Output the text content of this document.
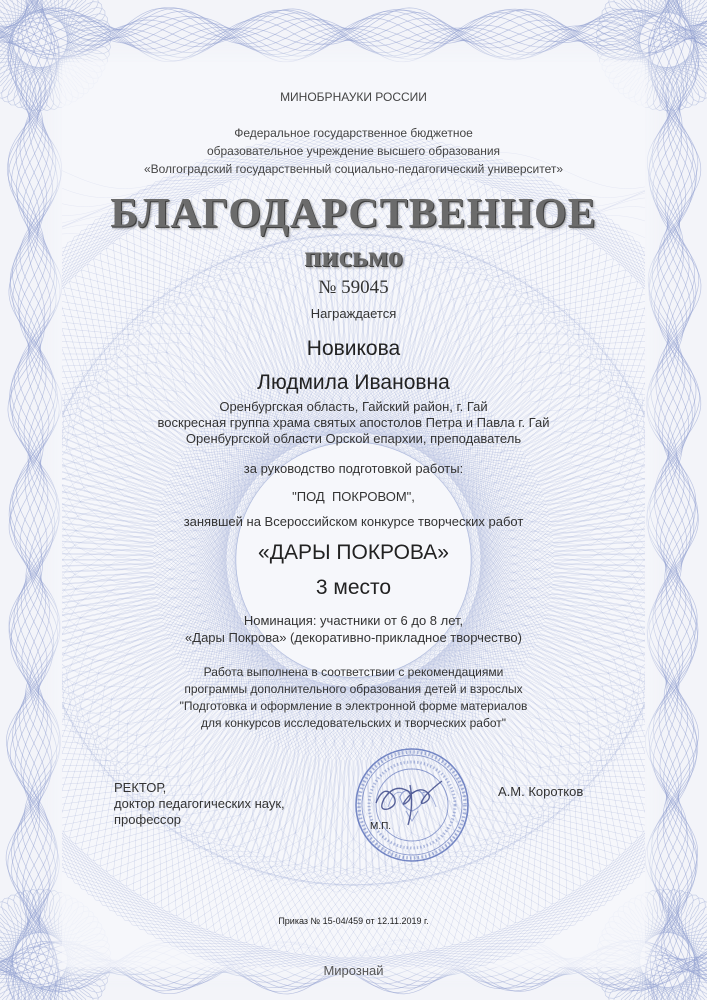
МИНОБРНАУКИ РОССИИ
Федеральное государственное бюджетное
образовательное учреждение высшего образования
«Волгоградский государственный социально-педагогический университет»
БЛАГОДАРСТВЕННОЕ
письмо
№ 59045
Награждается
Новикова
Людмила Ивановна
Оренбургская область, Гайский район, г. Гай
воскресная группа храма святых апостолов Петра и Павла г. Гай
Оренбургской области Орской епархии, преподаватель
за руководство подготовкой работы:
"ПОД  ПОКРОВОМ",
занявшей на Всероссийском конкурсе творческих работ
«ДАРЫ ПОКРОВА»
3 место
Номинация: участники от 6 до 8 лет,
«Дары Покрова» (декоративно-прикладное творчество)
Работа выполнена в соответствии с рекомендациями
программы дополнительного образования детей и взрослых
"Подготовка и оформление в электронной форме материалов
для конкурсов исследовательских и творческих работ"
РЕКТОР,
доктор педагогических наук,
профессор	М.П.
А.М. Коротков
Приказ № 15-04/459 от 12.11.2019 г.
Мирознай
